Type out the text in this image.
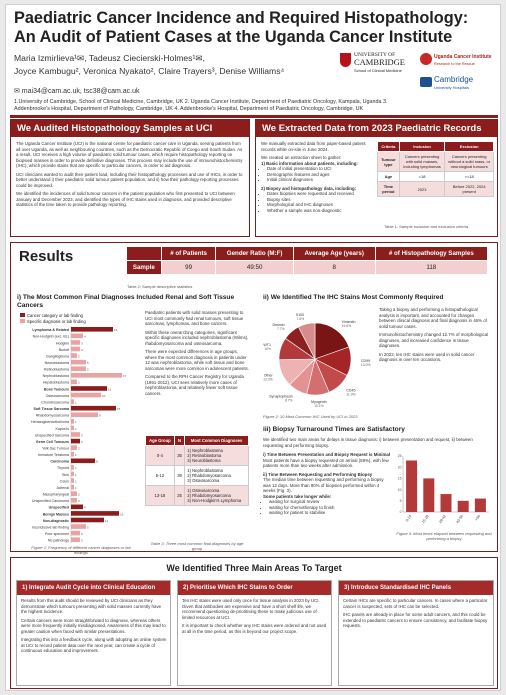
Paediatric Cancer Incidence and Required Histopathology:
An Audit of Patient Cases at the Uganda Cancer Institute
Maria Izmirlieva¹✉, Tadeusz Ciecierski-Holmes¹✉,
Joyce Kambugu², Veronica Nyakato², Claire Trayers³, Denise Williams⁴
✉ mai34@cam.ac.uk, tsc38@cam.ac.uk
1.University of Cambridge, School of Clinical Medicine, Cambridge, UK 2. Uganda Cancer Institute, Department of Paediatric Oncology, Kampala, Uganda 3.
Addenbrooke's Hospital, Department of Pathology, Cambridge, UK 4. Addenbrooke's Hospital, Department of Paediatric Oncology, Cambridge, UK
UNIVERSITY OF
CAMBRIDGE
School of Clinical Medicine
Uganda Cancer Institute
Research to the Rescue
Cambridge
University Hospitals
We Audited Histopathology Samples at UCI

The Uganda Cancer Institute (UCI) is the national centre for paediatric cancer care in Uganda, serving patients from all over Uganda, as well as neighbouring countries, such as the Democratic Republic of Congo and South Sudan. As a result, UCI receives a high volume of paediatric solid tumour cases, which require histopathology reporting on biopsied masses in order to provide definitive diagnoses. This process may include the use of immunohistochemistry (IHC), which provide stains that are specific to particular cancers, in order to aid diagnosis.

UCI clinicians wanted to audit their patient load, including their histopathology processes and use of IHCs, in order to better understand i) their paediatric solid tumour patient population, and ii) how their pathology reporting processes could be improved.

We identified the incidences of solid tumour cancers in the patient population who first presented to UCI between January and December 2023, and identified the types of IHC stains used in diagnosis, and provided descriptive statistics of the time taken to provide pathology reporting.

We Extracted Data from 2023 Paediatric Records

We manually extracted data from paper-based patient records while on-site in June 2024.

We created an extraction sheet to gather:

1) Basic information about patients, including:

• Date of initial presentation to UCI
• Demographic features and ages
• Initial clinical diagnoses

2) Biopsy and histopathology data, including:

• Dates biopsies were requested and received
• Biopsy sites
• Morphological and IHC diagnoses
• Whether a sample was non-diagnostic
Criteria	Inclusion	Exclusion
Tumour type	Cancers presenting with solid masses, including lymphomas	Cancers presenting without a solid mass, or neurological tumours
Age	<18	>=18
Time period	2023	Before 2022, 2024 present
Table 1: Sample inclusion and exclusion criteria
Results
		# of Patients	Gender Ratio (M:F)	Average Age (years)	# of Histopathology Samples
Sample	99	49:50	8	118
Table 2: Sample descriptive statistics
i) The Most Common Final Diagnoses Included Renal and Soft Tissue Cancers
Cancer category or lab finding
Specific diagnosis or lab finding
Lymphoma & Related	14
Non-Hodgkin (exc. BL)	4
Hodgkin	3
Burkitt	3
Ganglioglioma	2
Neuroblastoma	5
Retinoblastoma	5
Nephroblastoma	17
Hepatoblastoma	2
Bone Tumours	12
Osteosarcoma	10
Chondrosarcoma 1
Soft Tissue Sarcoma	15
Rhabdomyosarcoma	9
Hemangioendothelioma 1
Kaposi's 1
Unspecified Sarcoma	3
Germ Cell Tumours	3
Yolk Sac Tumour	2
Immature Teratoma 1
Carcinoma	8
Thyroid 1
Skin 1
Colon 1
Adrenal 1
Nasopharyngeal	2
Unspecified Carcinoma	2
Unspecified	4
Benign Masses	16
Non-diagnostic	11
Inconclusive lab finding	5
Poor specimen	3
No pathology	3
Figure 1: Frequency of different cancer diagnoses or lab findings

Paediatric patients with solid masses presenting to UCI most commonly had renal tumours, soft tissue sarcomas, lymphomas, and bone cancers.

Within these overarching categories, significant specific diagnoses included nephroblastoma (Wilms), rhabdomyosarcoma and osteosarcoma.

There were expected differences in age groups, where the most common diagnosis in patients under 12 was nephroblastoma, while soft tissue and bone sarcomas were more common in adolescent patients.

Compared to the RPH Cancer Registry for Uganda (1991-2012), UCI sees relatively more cases of nephroblastoma, and relatively fewer soft tissue cancers.

Age Group	N	Most Common Diagnoses
0-4	35	1) Nephroblastoma
2) Retinoblastoma
3) Neuroblastoma

5-12	39	1) Nephroblastoma
2) Rhabdomyosarcoma
3) Osteosarcoma

13-18	25	1) Osteosarcoma
2) Rhabdomyosarcoma
3) Non-Hodgkin's Lymphoma
Table 3: Three most common final diagnoses by age group
ii) We Identified The IHC Stains Most Commonly Required
Vimentin
19.6%
CD99
13.0%
CD45
11.0%
Myogenin
10.1%
Synaptophysin
8.7%
Other
12.3%
WT1
10%
Desmin
7.7%
S100
7.6%
Figure 2: 10 Most Common IHC Used by UCI in 2023

Taking a biopsy and performing a histopathological analysis is important, and accounted for changes between clinical diagnosis and final diagnosis in 46% of solid tumour cases.

Immunohistochemistry changed 12.7% of morphological diagnoses, and increased confidence in tissue diagnoses.

In 2022, ten IHC stains were used in solid cancer diagnosis in over ten occasions.

iii) Biopsy Turnaround Times are Satisfactory
We identified two main areas for delays in tissue diagnosis: i) between presentation and request, ii) between requesting and performing biopsy.

i) Time Between Presentation and Biopsy Request is Minimal

Most patients have a biopsy requested on arrival (59%), with few patients more than two weeks after admission.

ii) Time Between Requesting and Performing Biopsy

The median time between requesting and performing a biopsy was 12 days. More than 80% of biopsies performed within 4 weeks (Fig. 3).

Some patients take longer while:

• waiting for surgical review
• waiting for chemotherapy to finish
• waiting for patient to stabilise	0
5
10
15
20
25
0-14 15-28 29-42 43-56	>56
Figure 3: Most times elapsed between requesting and performing a biopsy
We Identified Three Main Areas To Target
1) Integrate Audit Cycle into Clinical Education

Results from this audit should be reviewed by UCI clinicians as they demonstrate which tumours presenting with solid masses currently have the highest incidence.

Certain cancers were more straightforward to diagnose, whereas others were more frequently initially misdiagnosed. Awareness of this may lead to greater caution when faced with similar presentations.

Integrating this into a feedback cycle, along with adopting an online system at UCI to record patient data over the next year, can create a cycle of continuous education and improvement.

2) Prioritise Which IHC Stains to Order

Ten IHC stains were used only once for tissue analysis in 2023 by UCI. Given that antibodies are expensive and have a short shelf life, we recommend questioning de-prioritising these to make judicious use of limited resources at UCI.

It is important to check whether any IHC stains were ordered and not used at all in the time period, as this is beyond our project scope.

3) Introduce Standardised IHC Panels

Certain IHCs are specific to particular cancers. In cases where a particular cancer is suspected, sets of IHC can be selected.

IHC panels are already in place for some adult cancers, and this could be extended to paediatric cancers to ensure consistency, and facilitate biopsy requests.
